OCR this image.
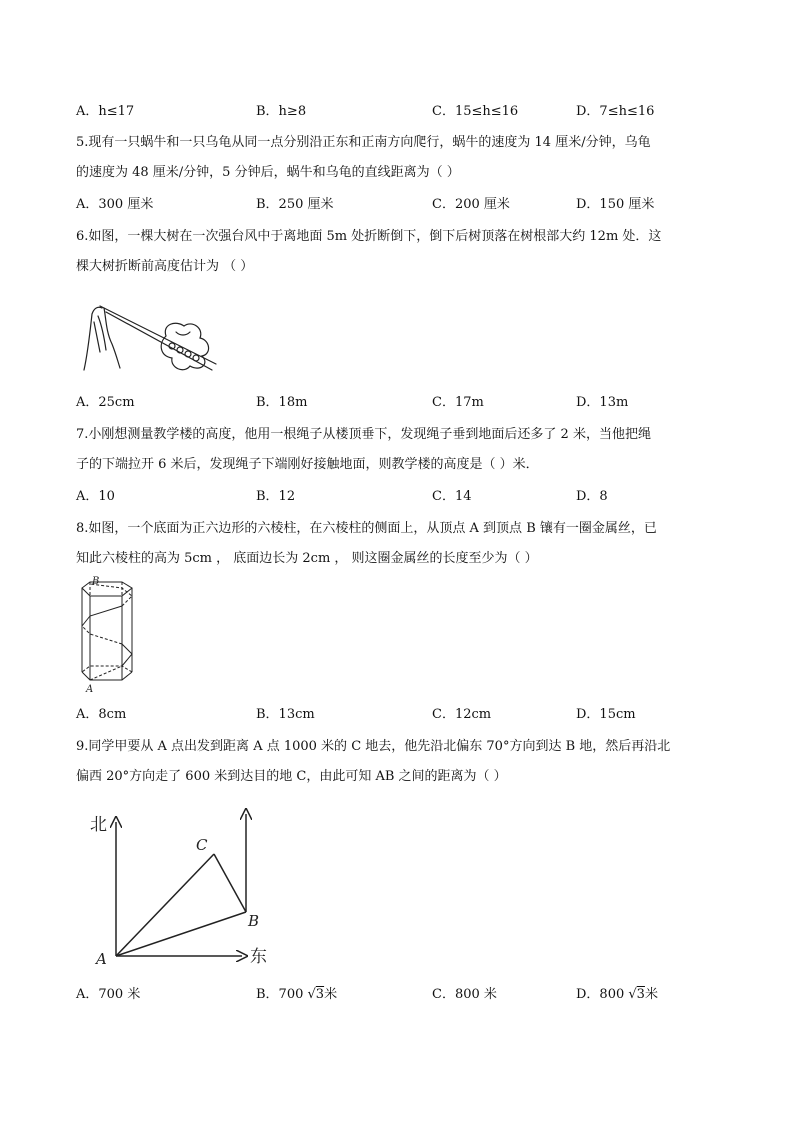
A．h≤17	B．h≥8	C．15≤h≤16	D．7≤h≤16
5.现有一只蜗牛和一只乌龟从同一点分别沿正东和正南方向爬行，蜗牛的速度为 14 厘米/分钟，乌龟
的速度为 48 厘米/分钟，5 分钟后，蜗牛和乌龟的直线距离为（ ）
A．300 厘米	B．250 厘米	C．200 厘米	D．150 厘米
6.如图，一棵大树在一次强台风中于离地面 5m 处折断倒下，倒下后树顶落在树根部大约 12m 处．这
棵大树折断前高度估计为 （ ）
A．25cm	B．18m	C．17m	D．13m
7.小刚想测量教学楼的高度，他用一根绳子从楼顶垂下，发现绳子垂到地面后还多了 2 米，当他把绳
子的下端拉开 6 米后，发现绳子下端刚好接触地面，则教学楼的高度是（ ）米．
A．10	B．12	C．14	D．8
8.如图，一个底面为正六边形的六棱柱，在六棱柱的侧面上，从顶点 A 到顶点 B 镶有一圈金属丝，已
知此六棱柱的高为 5cm ， 底面边长为 2cm ， 则这圈金属丝的长度至少为（ ）
B
A
A．8cm	B．13cm	C．12cm	D．15cm
9.同学甲要从 A 点出发到距离 A 点 1000 米的 C 地去，他先沿北偏东 70°方向到达 B 地，然后再沿北
偏西 20°方向走了 600 米到达目的地 C，由此可知 AB 之间的距离为（ ）
北
东
A
B
C
A．700 米	B．700 √3米	C．800 米	D．800 √3米
